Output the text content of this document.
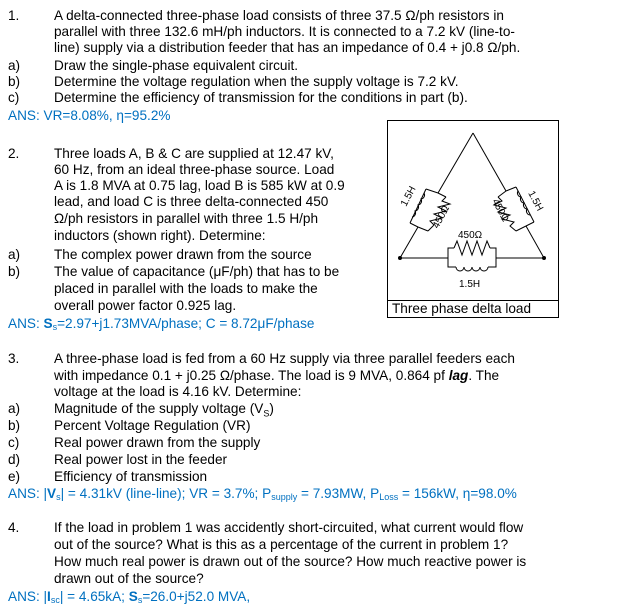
1.	A delta-connected three-phase load consists of three 37.5 Ω/ph resistors in
parallel with three 132.6 mH/ph inductors. It is connected to a 7.2 kV (line-to-
line) supply via a distribution feeder that has an impedance of 0.4 + j0.8 Ω/ph.
a) Draw the single-phase equivalent circuit.
b) Determine the voltage regulation when the supply voltage is 7.2 kV.
c)	Determine the efficiency of transmission for the conditions in part (b).
ANS: VR=8.08%, η=95.2%
2.	Three loads A, B & C are supplied at 12.47 kV,
60 Hz, from an ideal three-phase source. Load
A is 1.8 MVA at 0.75 lag, load B is 585 kW at 0.9
lead, and load C is three delta-connected 450
Ω/ph resistors in parallel with three 1.5 H/ph
inductors (shown right). Determine:
a) The complex power drawn from the source
b) The value of capacitance (μF/ph) that has to be
placed in parallel with the loads to make the
overall power factor 0.925 lag.
ANS: $S_s=2.97+j1.73MVA$/phase; C = 8.72μF/phase
1.5H
450Ω
1.5H
450Ω
450Ω
1.5H
Three phase delta load
3.	A three-phase load is fed from a 60 Hz supply via three parallel feeders each
with impedance 0.1 + j0.25 Ω/phase. The load is 9 MVA, 0.864 pf lag. The
voltage at the load is 4.16 kV. Determine:
a) Magnitude of the supply voltage $(V_S)$
b) Percent Voltage Regulation (VR)
c)	Real power drawn from the supply
d) Real power lost in the feeder
e) Efficiency of transmission
ANS: $|V_s| = 4.31kV$ (line-line); VR = 3.7%; $P_{supply} = 7.93MW$, $P_{Loss} = 156kW$, η=98.0%
4.	If the load in problem 1 was accidently short-circuited, what current would flow
out of the source? What is this as a percentage of the current in problem 1?
How much real power is drawn out of the source? How much reactive power is
drawn out of the source?
ANS: $|I_{sc}| = 4.65kA$; $S_s=26.0+j52.0$ MVA,
